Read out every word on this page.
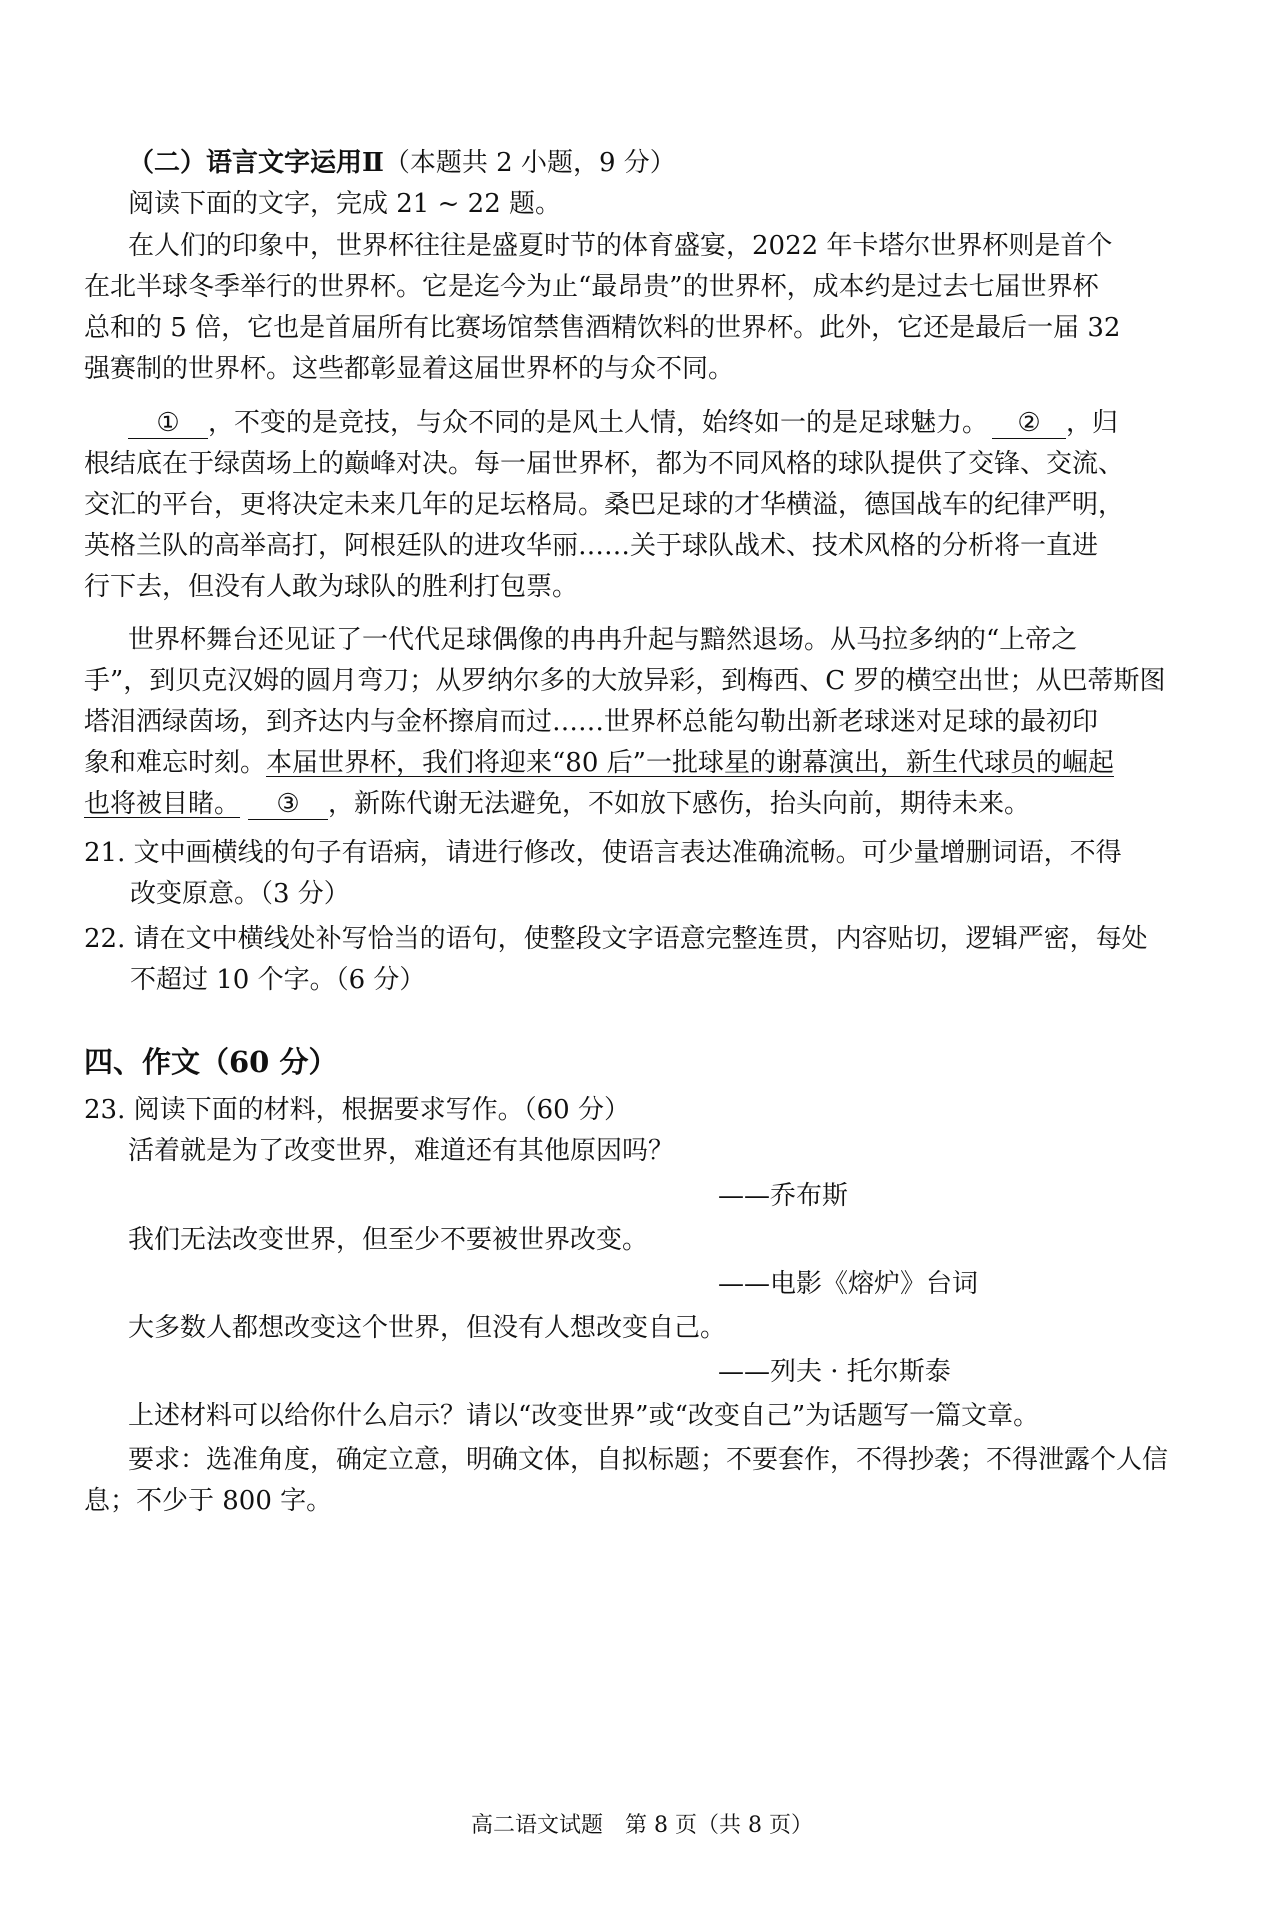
（二）语言文字运用Ⅱ（本题共 2 小题，9 分）
阅读下面的文字，完成 21 ~ 22 题。
在人们的印象中，世界杯往往是盛夏时节的体育盛宴，2022 年卡塔尔世界杯则是首个
在北半球冬季举行的世界杯。它是迄今为止“最昂贵”的世界杯，成本约是过去七届世界杯
总和的 5 倍，它也是首届所有比赛场馆禁售酒精饮料的世界杯。此外，它还是最后一届 32
强赛制的世界杯。这些都彰显着这届世界杯的与众不同。
① ，不变的是竞技，与众不同的是风土人情，始终如一的是足球魅力。 ② ，归
根结底在于绿茵场上的巅峰对决。每一届世界杯，都为不同风格的球队提供了交锋、交流、
交汇的平台，更将决定未来几年的足坛格局。桑巴足球的才华横溢，德国战车的纪律严明，
英格兰队的高举高打，阿根廷队的进攻华丽……关于球队战术、技术风格的分析将一直进
行下去，但没有人敢为球队的胜利打包票。
世界杯舞台还见证了一代代足球偶像的冉冉升起与黯然退场。从马拉多纳的“上帝之
手”，到贝克汉姆的圆月弯刀；从罗纳尔多的大放异彩，到梅西、C 罗的横空出世；从巴蒂斯图
塔泪洒绿茵场，到齐达内与金杯擦肩而过……世界杯总能勾勒出新老球迷对足球的最初印
象和难忘时刻。本届世界杯，我们将迎来“80 后”一批球星的谢幕演出，新生代球员的崛起
也将被目睹。 ③ ，新陈代谢无法避免，不如放下感伤，抬头向前，期待未来。
21. 文中画横线的句子有语病，请进行修改，使语言表达准确流畅。可少量增删词语，不得
改变原意。（3 分）
22. 请在文中横线处补写恰当的语句，使整段文字语意完整连贯，内容贴切，逻辑严密，每处
不超过 10 个字。（6 分）
四、作文（60 分）
23. 阅读下面的材料，根据要求写作。（60 分）
活着就是为了改变世界，难道还有其他原因吗？
——乔布斯
我们无法改变世界，但至少不要被世界改变。
——电影《熔炉》台词
大多数人都想改变这个世界，但没有人想改变自己。
——列夫 · 托尔斯泰
上述材料可以给你什么启示？请以“改变世界”或“改变自己”为话题写一篇文章。
要求：选准角度，确定立意，明确文体，自拟标题；不要套作，不得抄袭；不得泄露个人信
息；不少于 800 字。
高二语文试题　第 8 页（共 8 页）
